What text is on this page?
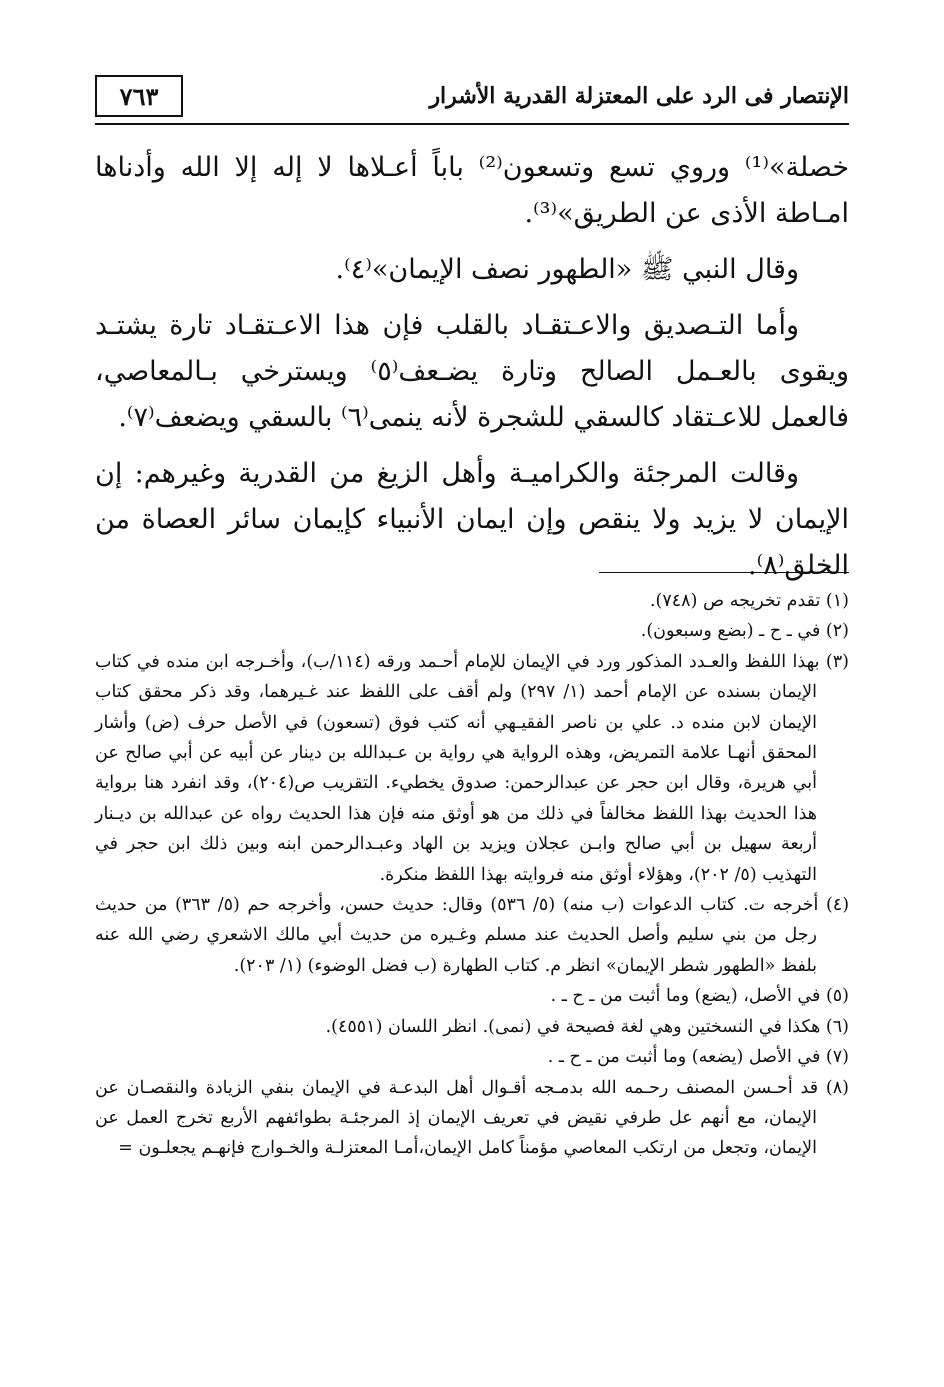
٧٦٣	الإنتصار فى الرد على المعتزلة القدرية الأشرار

خصلة»⁽¹⁾ وروي تسع وتسعون⁽²⁾ باباً أعـلاها لا إله إلا الله وأدناها امـاطة الأذى عن الطريق»⁽³⁾.

وقال النبي ﷺ «الطهور نصف الإيمان»⁽٤⁾.

وأما التـصديق والاعـتقـاد بالقلب فإن هذا الاعـتقـاد تارة يشتـد ويقوى بالعـمل الصالح وتارة يضـعف⁽٥⁾ ويسترخي بـالمعاصي، فالعمل للاعـتقاد كالسقي للشجرة لأنه ينمى⁽٦⁾ بالسقي ويضعف⁽٧⁾.

وقالت المرجئة والكراميـة وأهل الزيغ من القدرية وغيرهم: إن الإيمان لا يزيد ولا ينقص وإن ايمان الأنبياء كإيمان سائر العصاة من الخلق⁽٨⁾.

(١) تقدم تخريجه ص (٧٤٨).

(٢) في ـ ح ـ (بضع وسبعون).

(٣) بهذا اللفظ والعـدد المذكور ورد في الإيمان للإمام أحـمد ورقه (١١٤/ب)، وأخـرجه ابن منده في كتاب الإيمان بسنده عن الإمام أحمد (١/ ٢٩٧) ولم أقف على اللفظ عند غـيرهما، وقد ذكر محقق كتاب الإيمان لابن منده د. علي بن ناصر الفقيـهي أنه كتب فوق (تسعون) في الأصل حرف (ض) وأشار المحقق أنهـا علامة التمريض، وهذه الرواية هي رواية بن عـبدالله بن دينار عن أبيه عن أبي صالح عن أبي هريرة، وقال ابن حجر عن عبدالرحمن: صدوق يخطيء. التقريب ص(٢٠٤)، وقد انفرد هنا برواية هذا الحديث بهذا اللفظ مخالفاً في ذلك من هو أوثق منه فإن هذا الحديث رواه عن عبدالله بن ديـنار أربعة سهيل بن أبي صالح وابـن عجلان ويزيد بن الهاد وعبـدالرحمن ابنه وبين ذلك ابن حجر في التهذيب (٥/ ٢٠٢)، وهؤلاء أوثق منه فروايته بهذا اللفظ منكرة.

(٤) أخرجه ت. كتاب الدعوات (ب منه) (٥/ ٥٣٦) وقال: حديث حسن، وأخرجه حم (٥/ ٣٦٣) من حديث رجل من بني سليم وأصل الحديث عند مسلم وغـيره من حديث أبي مالك الاشعري رضي الله عنه بلفظ «الطهور شطر الإيمان» انظر م. كتاب الطهارة (ب فضل الوضوء) (١/ ٢٠٣).

(٥) في الأصل، (يضع) وما أثبت من ـ ح ـ .

(٦) هكذا في النسختين وهي لغة فصيحة في (نمى). انظر اللسان (٤٥٥١).

(٧) في الأصل (يضعه) وما أثبت من ـ ح ـ .

(٨) قد أحـسن المصنف رحـمه الله بدمـجه أقـوال أهل البدعـة في الإيمان بنفي الزيادة والنقصـان عن الإيمان، مع أنهم عل طرفي نقيض في تعريف الإيمان إذ المرجئـة بطوائفهم الأربع تخرج العمل عن الإيمان، وتجعل من ارتكب المعاصي مؤمناً كامل الإيمان،أمـا المعتزلـة والخـوارج فإنهـم يجعلـون =
